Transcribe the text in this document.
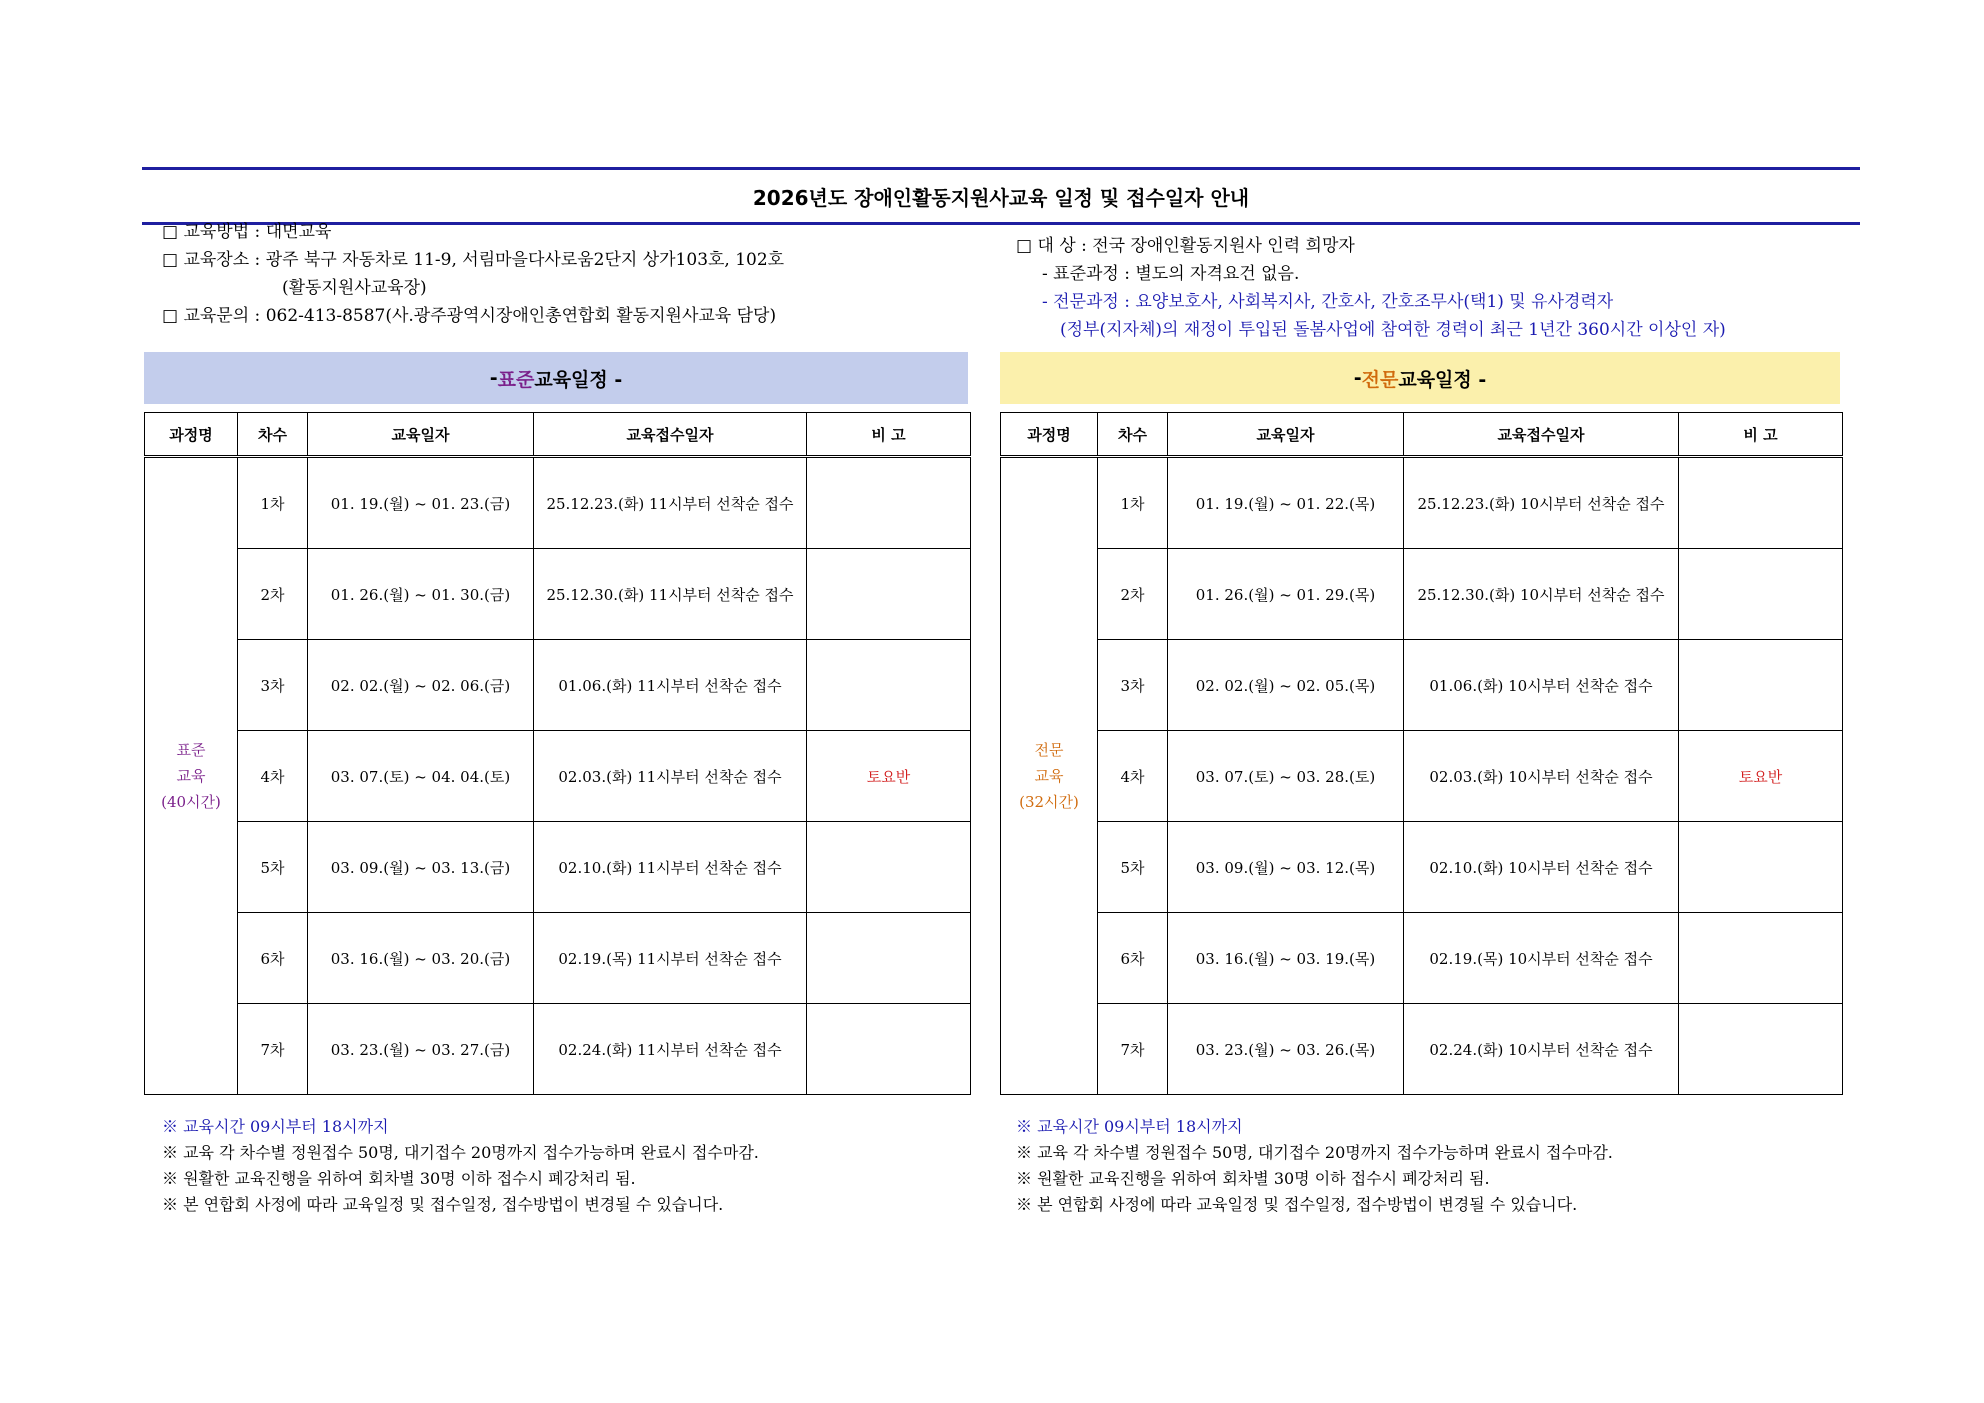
2026년도 장애인활동지원사교육 일정 및 접수일자 안내
□ 교육방법 : 대면교육
□ 교육장소 : 광주 북구 자동차로 11-9, 서림마을다사로움2단지 상가103호, 102호
(활동지원사교육장)
□ 교육문의 : 062-413-8587(사.광주광역시장애인총연합회 활동지원사교육 담당)
□ 대 상 : 전국 장애인활동지원사 인력 희망자
- 표준과정 : 별도의 자격요건 없음.
- 전문과정 : 요양보호사, 사회복지사, 간호사, 간호조무사(택1) 및 유사경력자
(정부(지자체)의 재정이 투입된 돌봄사업에 참여한 경력이 최근 1년간 360시간 이상인 자)
- 표준 교육일정 -	- 전문 교육일정 -
과정명	차수	교육일자	교육접수일자	비 고

표준
교육
(40시간)	1차	01. 19.(월) ~ 01. 23.(금)	25.12.23.(화) 11시부터 선착순 접수	
	2차	01. 26.(월) ~ 01. 30.(금)	25.12.30.(화) 11시부터 선착순 접수	
	3차	02. 02.(월) ~ 02. 06.(금)	01.06.(화) 11시부터 선착순 접수	
	4차	03. 07.(토) ~ 04. 04.(토)	02.03.(화) 11시부터 선착순 접수	토요반
	5차	03. 09.(월) ~ 03. 13.(금)	02.10.(화) 11시부터 선착순 접수	
	6차	03. 16.(월) ~ 03. 20.(금)	02.19.(목) 11시부터 선착순 접수	
	7차	03. 23.(월) ~ 03. 27.(금)	02.24.(화) 11시부터 선착순 접수	
과정명	차수	교육일자	교육접수일자	비 고

전문
교육
(32시간)	1차	01. 19.(월) ~ 01. 22.(목)	25.12.23.(화) 10시부터 선착순 접수	
	2차	01. 26.(월) ~ 01. 29.(목)	25.12.30.(화) 10시부터 선착순 접수	
	3차	02. 02.(월) ~ 02. 05.(목)	01.06.(화) 10시부터 선착순 접수	
	4차	03. 07.(토) ~ 03. 28.(토)	02.03.(화) 10시부터 선착순 접수	토요반
	5차	03. 09.(월) ~ 03. 12.(목)	02.10.(화) 10시부터 선착순 접수	
	6차	03. 16.(월) ~ 03. 19.(목)	02.19.(목) 10시부터 선착순 접수	
	7차	03. 23.(월) ~ 03. 26.(목)	02.24.(화) 10시부터 선착순 접수	
※ 교육시간 09시부터 18시까지
※ 교육 각 차수별 정원접수 50명, 대기접수 20명까지 접수가능하며 완료시 접수마감.
※ 원활한 교육진행을 위하여 회차별 30명 이하 접수시 폐강처리 됨.
※ 본 연합회 사정에 따라 교육일정 및 접수일정, 접수방법이 변경될 수 있습니다.
※ 교육시간 09시부터 18시까지
※ 교육 각 차수별 정원접수 50명, 대기접수 20명까지 접수가능하며 완료시 접수마감.
※ 원활한 교육진행을 위하여 회차별 30명 이하 접수시 폐강처리 됨.
※ 본 연합회 사정에 따라 교육일정 및 접수일정, 접수방법이 변경될 수 있습니다.
